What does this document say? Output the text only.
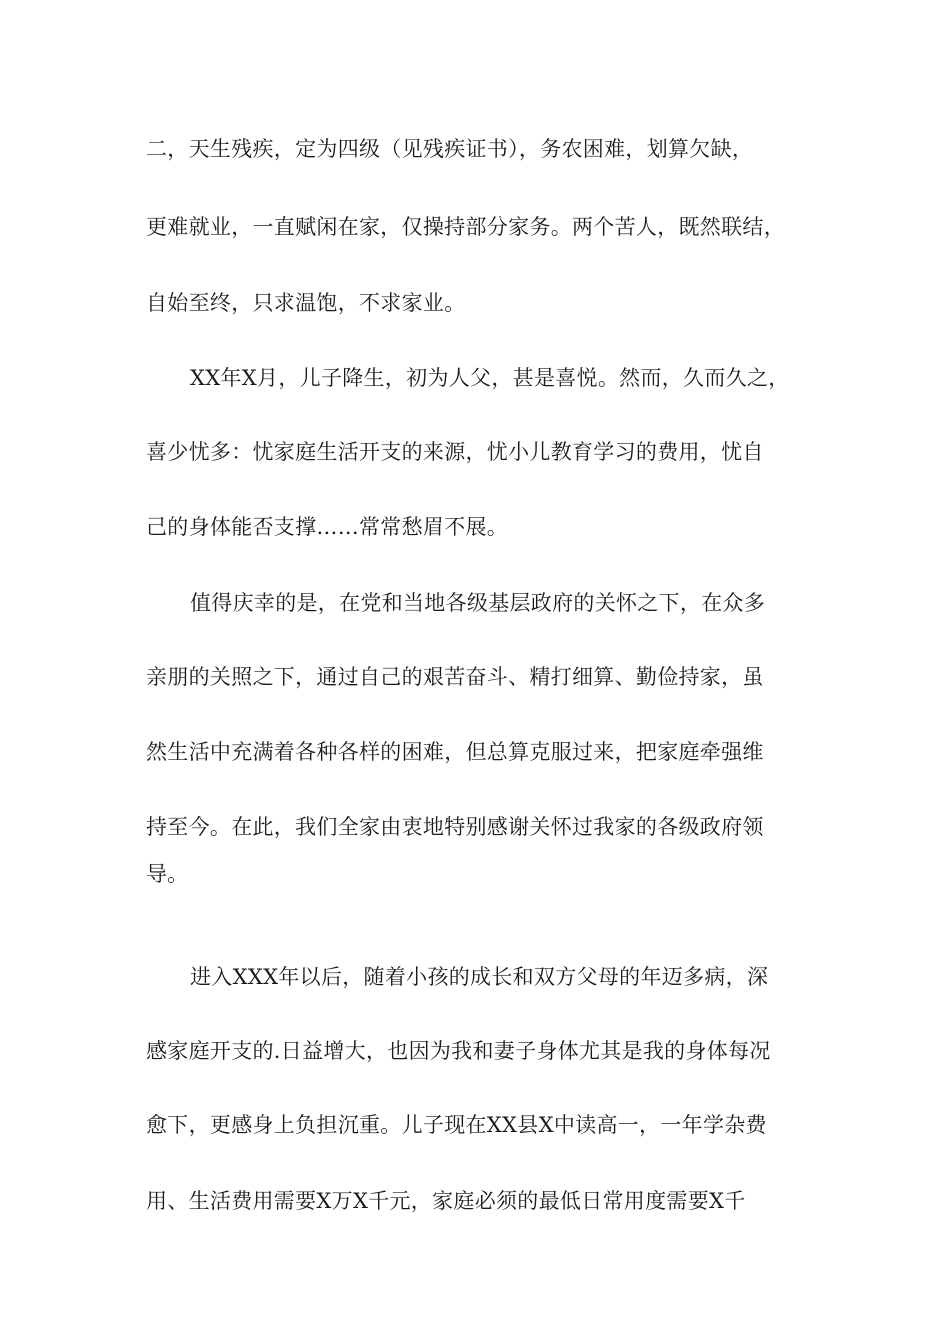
二，天生残疾，定为四级（见残疾证书），务农困难，划算欠缺，
更难就业，一直赋闲在家，仅操持部分家务。两个苦人，既然联结，
自始至终，只求温饱，不求家业。
XX年X月，儿子降生，初为人父，甚是喜悦。然而，久而久之，
喜少忧多：忧家庭生活开支的来源，忧小儿教育学习的费用，忧自
己的身体能否支撑……常常愁眉不展。
值得庆幸的是，在党和当地各级基层政府的关怀之下，在众多
亲朋的关照之下，通过自己的艰苦奋斗、精打细算、勤俭持家，虽
然生活中充满着各种各样的困难，但总算克服过来，把家庭牵强维
持至今。在此，我们全家由衷地特别感谢关怀过我家的各级政府领
导。
进入XXX年以后，随着小孩的成长和双方父母的年迈多病，深
感家庭开支的.日益增大，也因为我和妻子身体尤其是我的身体每况
愈下，更感身上负担沉重。儿子现在XX县X中读高一，一年学杂费
用、生活费用需要X万X千元，家庭必须的最低日常用度需要X千
